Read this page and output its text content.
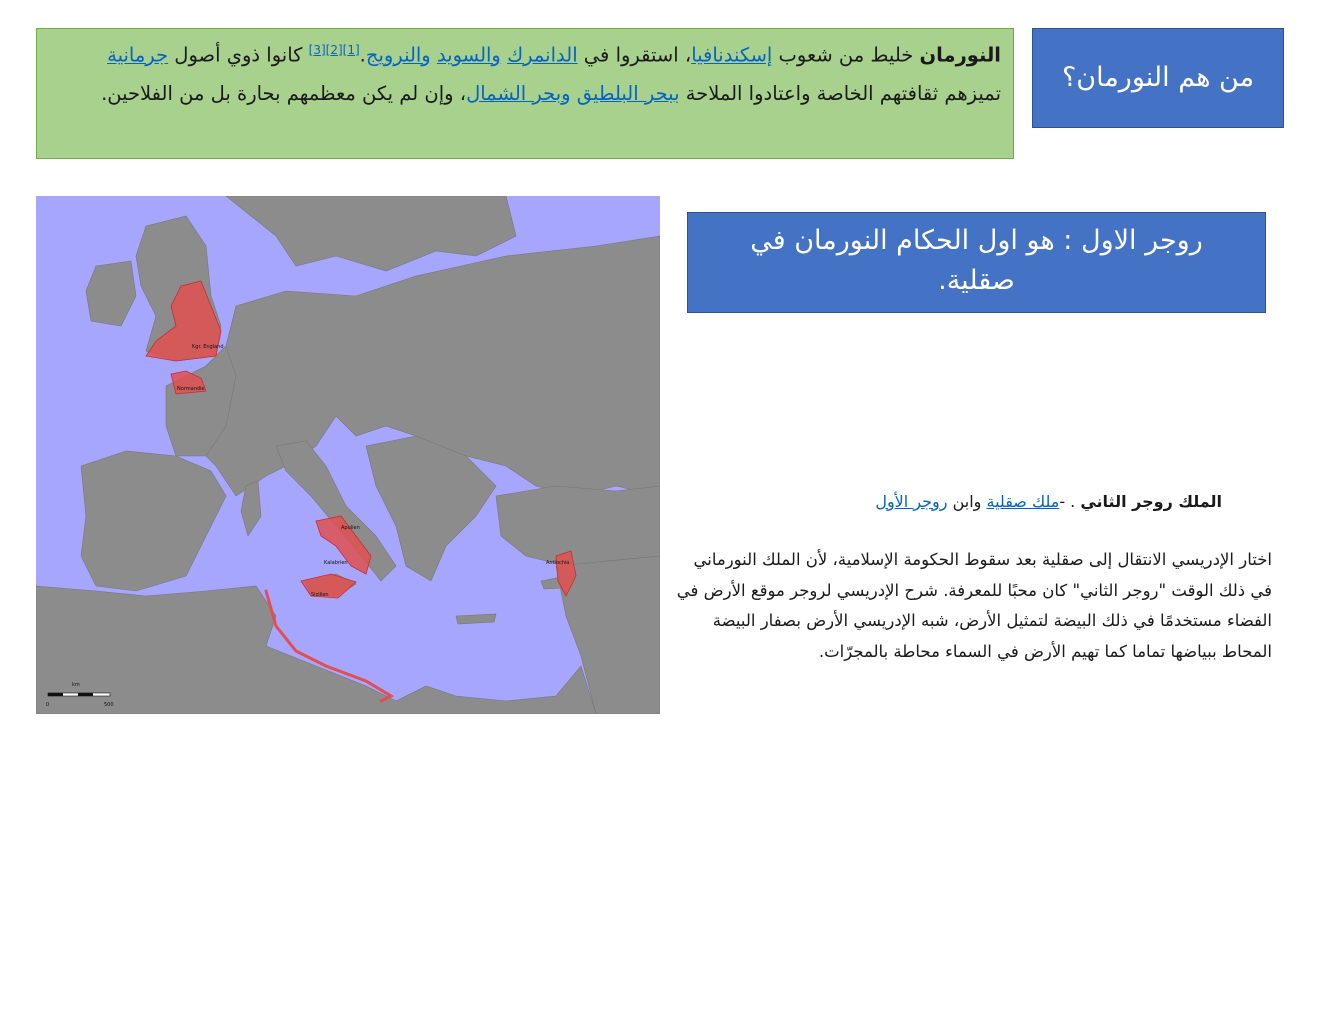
من هم النورمان؟
النورمان خليط من شعوب إسكندنافيا، استقروا في الدانمرك والسويد والنرويج.[1][2][3] كانوا ذوي أصول جرمانية تميزهم ثقافتهم الخاصة واعتادوا الملاحة ببحر البلطيق وبحر الشمال، وإن لم يكن معظمهم بحارة بل من الفلاحين.
روجر الاول : هو اول الحكام النورمان في صقلية.
Kgr. England
Normandie
Apulien
Kalabrien
Sizilien
Antiochia
km
0	500
الملك روجر الثاني . -ملك صقلية وابن روجر الأول
اختار الإدريسي الانتقال إلى صقلية بعد سقوط الحكومة الإسلامية، لأن الملك النورماني في ذلك الوقت "روجر الثاني" كان محبًا للمعرفة. شرح الإدريسي لروجر موقع الأرض في الفضاء مستخدمًا في ذلك البيضة لتمثيل الأرض، شبه الإدريسي الأرض بصفار البيضة المحاط ببياضها تماما كما تهيم الأرض في السماء محاطة بالمجرّات.
